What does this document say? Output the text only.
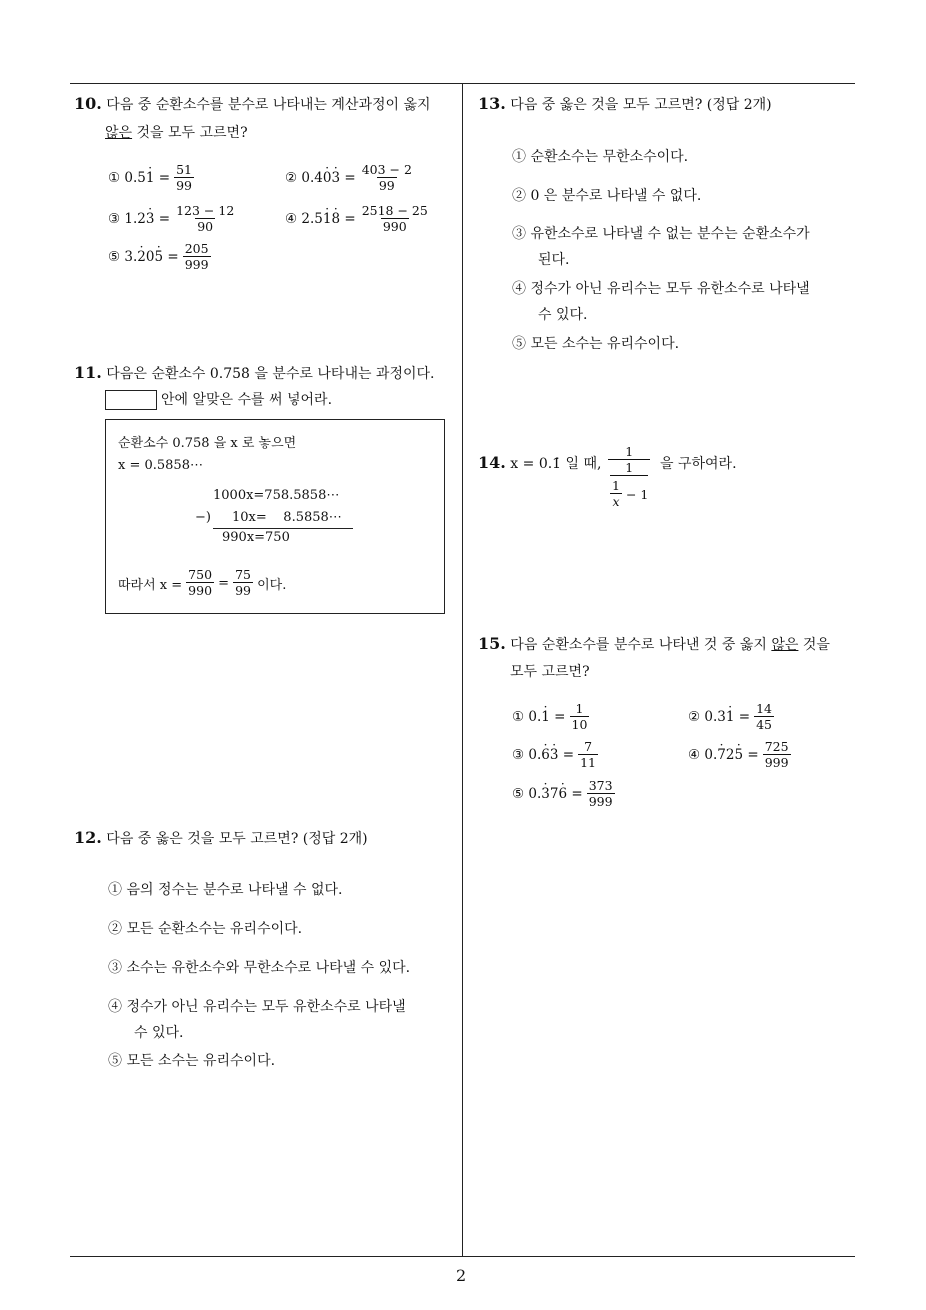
2
10. 다음 중 순환소수를 분수로 나타내는 계산과정이 옳지
않은 것을 모두 고르면?
①
0.5 1 · = $\frac{51}{99}$	②
0.4 0 · 3 · = $\frac{403 - 2}{99}$
③
1.2 3 · = $\frac{123 - 12}{90}$	④
2.5 1 · 8 · = $\frac{2518 - 25}{990}$
⑤
3. 2 · 0 5 · = $\frac{205}{999}$
11. 다음은 순환소수 0.75̇8̇ 을 분수로 나타내는 과정이다.
안에 알맞은 수를 써 넣어라.
순환소수 0.75̇8̇ 을 x 로 놓으면
x = 0.5858⋯
1000x=758.5858⋯
−) 10x=    8.5858⋯
990x=750
따라서 $x = \frac{750}{990} = \frac{75}{99}$
이다.
12. 다음 중 옳은 것을 모두 고르면? (정답 2개)
① 음의 정수는 분수로 나타낼 수 없다.
② 모든 순환소수는 유리수이다.
③ 소수는 유한소수와 무한소수로 나타낼 수 있다.
④ 정수가 아닌 유리수는 모두 유한소수로 나타낼
수 있다.
⑤ 모든 소수는 유리수이다.
13. 다음 중 옳은 것을 모두 고르면? (정답 2개)
① 순환소수는 무한소수이다.
② 0 은 분수로 나타낼 수 없다.
③ 유한소수로 나타낼 수 없는 분수는 순환소수가
된다.
④ 정수가 아닌 유리수는 모두 유한소수로 나타낼
수 있다.
⑤ 모든 소수는 유리수이다.
14. x = 0.1̇ 일 때,
1
1
$\frac{1}{x} - 1$
을 구하여라.
15. 다음 순환소수를 분수로 나타낸 것 중 옳지 않은 것을
모두 고르면?
①
0. 1 · = $\frac{1}{10}$	②
0.3 1 · = $\frac{14}{45}$
③
0. 6 · 3 · = $\frac{7}{11}$	④
0. 7 · 2 5 · = $\frac{725}{999}$
⑤
0. 3 · 7 6 · = $\frac{373}{999}$
